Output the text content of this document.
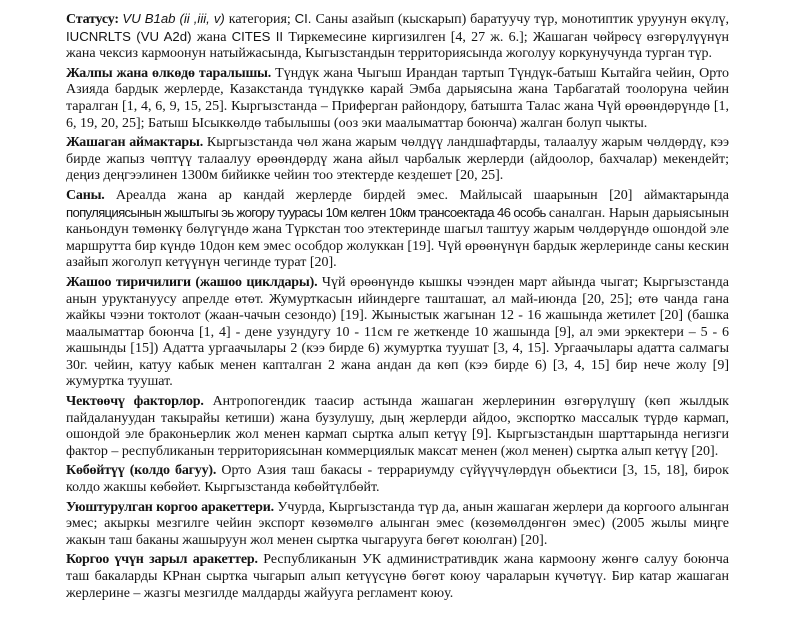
Статусу: VU B1ab (ii ,iii, v) категория; CI. Саны азайып (кыскарып) баратуучу түр, монотиптик уруунун өкүлү, IUCNRLTS (VU A2d) жана CITES II Тиркемесине киргизилген [4, 27 ж. 6.]; Жашаган чөйрөсү өзгөрүлүүнүн жана чексиз кармоонун натыйжасында, Кыгызстандын территориясында жоголуу коркунучунда турган түр.

Жалпы жана өлкөдө таралышы. Түндүк жана Чыгыш Ирандан тартып Түндүк-батыш Кытайга чейин, Орто Азияда бардык жерлерде, Казакстанда түндүккө карай Эмба дарыясына жана Тарбагатай тоолоруна чейин таралган [1, 4, 6, 9, 15, 25]. Кыргызстанда – Приферган райондору, батышта Талас жана Чүй өрөөндөрүндө [1, 6, 19, 20, 25]; Батыш Ысыккөлдө табылышы (ооз эки маалыматтар боюнча) жалган болуп чыкты.

Жашаган аймактары. Кыргызстанда чөл жана жарым чөлдүү ландшафтарды, талаалуу жарым чөлдөрдү, кээ бирде жапыз чөптүү талаалуу өрөөндөрдү жана айыл чарбалык жерлерди (айдоолор, бахчалар) мекендейт; деңиз деңгээлинен 1300м бийикке чейин тоо этектерде кездешет [20, 25].

Саны. Ареалда жана ар кандай жерлерде бирдей эмес. Майлысай шаарынын [20] аймактарында популяциясынын жыштыгы эь жогору туурасы 10м келген 10км трансоектада 46 особь саналган. Нарын дарыясынын каньондун төмөнкү бөлүгүндө жана Түркстан тоо этектеринде шагыл таштуу жарым чөлдөрүндө ошондой эле маршрутта бир күндө 10дон кем эмес особдор жолуккан [19]. Чүй өрөөнүнүн бардык жерлеринде саны кескин азайып жоголуп кетүүнүн чегинде турат [20].

Жашоо тиричилиги (жашоо циклдары). Чүй өрөөнүндө кышкы чээнден март айында чыгат; Кыргызстанда анын уруктануусу апрелде өтөт. Жумурткасын ийиндерге ташташат, ал май-июнда [20, 25]; өтө чанда гана жайкы чээни токтолот (жаан-чачын сезондо) [19]. Жыныстык жагынан 12 - 16 жашында жетилет [20] (башка маалыматтар боюнча [1, 4] - дене узундугу 10 - 11см ге жеткенде 10 жашында [9], ал эми эркектери – 5 - 6 жашынды [15]) Адатта ургаачылары 2 (кээ бирде 6) жумуртка туушат [3, 4, 15]. Ургаачылары адатта салмагы 30г. чейин, катуу кабык менен капталган 2 жана андан да көп (кээ бирде 6) [3, 4, 15] бир нече жолу [9] жумуртка туушат.

Чектөөчү факторлор. Антропогендик таасир астында жашаган жерлеринин өзгөрүлүшү (көп жылдык пайдалануудан такырайы кетиши) жана бузулушу, дың жерлерди айдоо, экспортко массалык түрдө кармап, ошондой эле браконьерлик жол менен кармап сыртка алып кетүү [9]. Кыргызстандын шарттарында негизги фактор – республиканын территориясынан коммерциялык максат менен (жол менен) сыртка алып кетүү [20].

Көбөйтүү (колдо багуу). Орто Азия таш бакасы - террариумду сүйүүчүлөрдүн обьектиси [3, 15, 18], бирок колдо жакшы көбөйөт. Кыргызстанда көбөйтүлбөйт.

Уюштурулган коргоо аракеттери. Учурда, Кыргызстанда түр да, анын жашаган жерлери да коргоого алынган эмес; акыркы мезгилге чейин экспорт көзөмөлгө алынган эмес (көзөмөлдөнгөн эмес) (2005 жылы миңге жакын таш баканы жашыруун жол менен сыртка чыгарууга бөгөт коюлган) [20].

Коргоо үчүн зарыл аракеттер. Республиканын УК административдик жана кармоону жөнгө салуу боюнча таш бакаларды КРнан сыртка чыгарып алып кетүүсүнө бөгөт коюу чараларын күчөтүү. Бир катар жашаган жерлерине – жазгы мезгилде малдарды жайууга регламент коюу.
